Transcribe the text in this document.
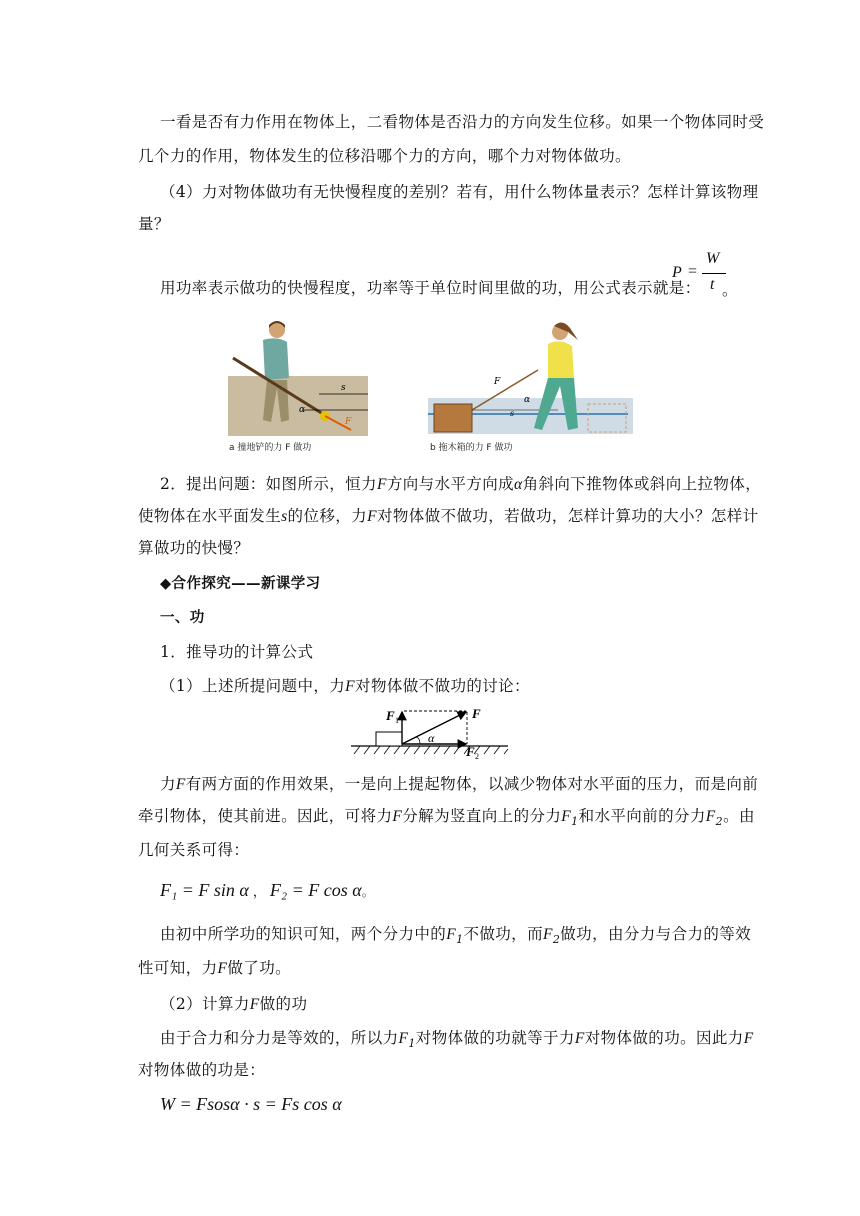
一看是否有力作用在物体上，二看物体是否沿力的方向发生位移。如果一个物体同时受
几个力的作用，物体发生的位移沿哪个力的方向，哪个力对物体做功。
（4）力对物体做功有无快慢程度的差别？若有，用什么物体量表示？怎样计算该物理
量？
用功率表示做功的快慢程度，功率等于单位时间里做的功，用公式表示就是：
P =
W
t 。
s
α
F
a 撞地铲的力 F 做功
F
α
s
b 拖木箱的力 F 做功
2．提出问题：如图所示，恒力F方向与水平方向成α角斜向下推物体或斜向上拉物体，
使物体在水平面发生s的位移，力F对物体做不做功，若做功，怎样计算功的大小？怎样计
算做功的快慢？
◆合作探究——新课学习
一、功
1．推导功的计算公式
（1）上述所提问题中，力F对物体做不做功的讨论：
α
F
F 1
F 2
力F有两方面的作用效果，一是向上提起物体，以减少物体对水平面的压力，而是向前
牵引物体，使其前进。因此，可将力F分解为竖直向上的分力$F_1$和水平向前的分力$F_2$。由
几何关系可得：
F₁ = F sin α ， F₂ = F cos α。
由初中所学功的知识可知，两个分力中的$F_1$不做功，而$F_2$做功，由分力与合力的等效
性可知，力F做了功。
（2）计算力F做的功
由于合力和分力是等效的，所以力$F_1$对物体做的功就等于力F对物体做的功。因此力F
对物体做的功是：
W = Fsosα · s = Fs cos α
